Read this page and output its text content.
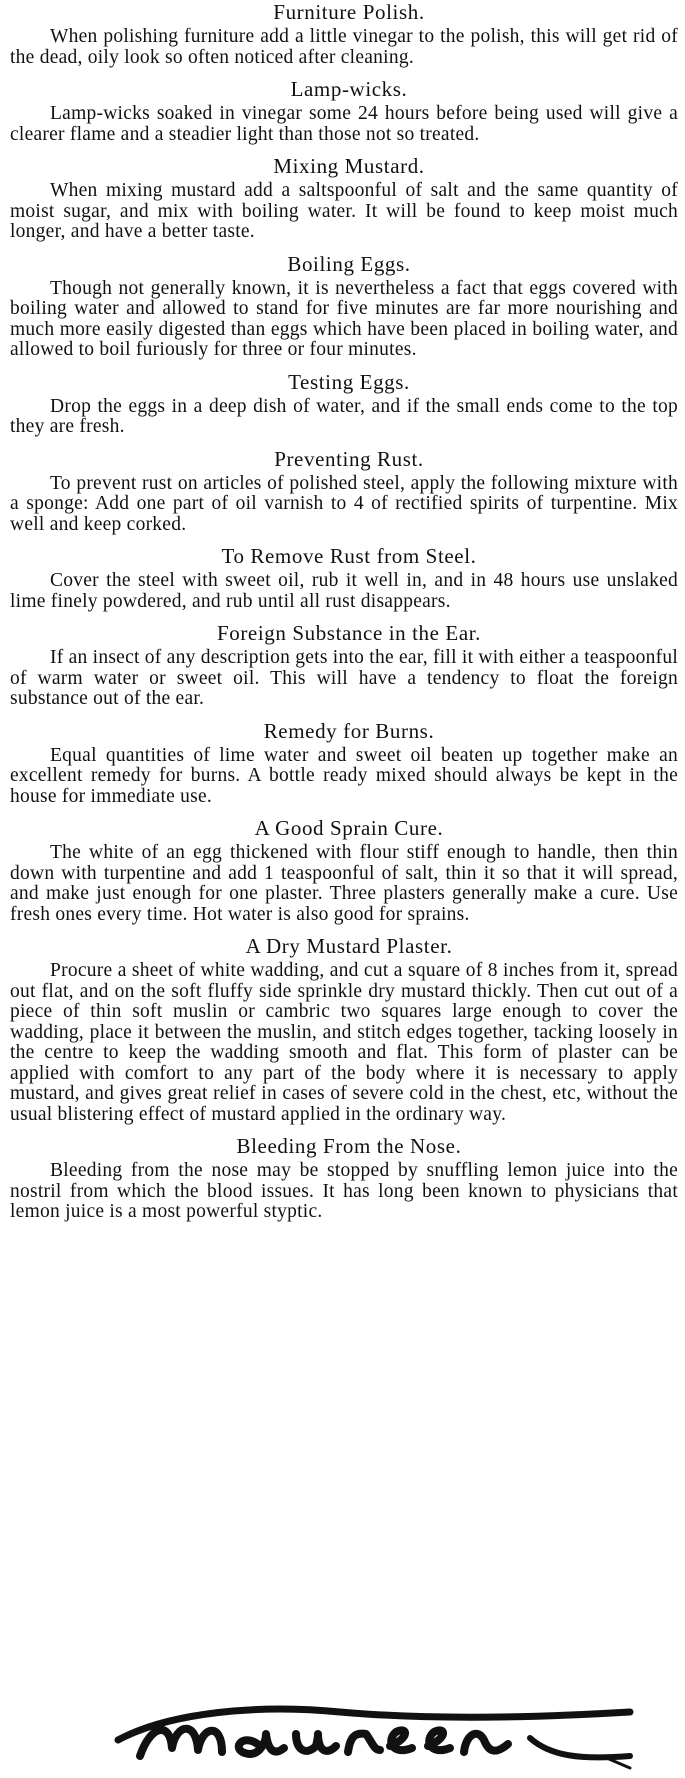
Furniture Polish.
When polishing furniture add a little vinegar to the polish, this will get rid of the dead, oily look so often noticed after cleaning.
Lamp-wicks.
Lamp-wicks soaked in vinegar some 24 hours before being used will give a clearer flame and a steadier light than those not so treated.
Mixing Mustard.
When mixing mustard add a saltspoonful of salt and the same quantity of moist sugar, and mix with boiling water. It will be found to keep moist much longer, and have a better taste.
Boiling Eggs.
Though not generally known, it is nevertheless a fact that eggs covered with boiling water and allowed to stand for five minutes are far more nourishing and much more easily digested than eggs which have been placed in boiling water, and allowed to boil furiously for three or four minutes.
Testing Eggs.
Drop the eggs in a deep dish of water, and if the small ends come to the top they are fresh.
Preventing Rust.
To prevent rust on articles of polished steel, apply the following mixture with a sponge: Add one part of oil varnish to 4 of rectified spirits of turpentine. Mix well and keep corked.
To Remove Rust from Steel.
Cover the steel with sweet oil, rub it well in, and in 48 hours use unslaked lime finely powdered, and rub until all rust disappears.
Foreign Substance in the Ear.
If an insect of any description gets into the ear, fill it with either a teaspoonful of warm water or sweet oil. This will have a tendency to float the foreign substance out of the ear.
Remedy for Burns.
Equal quantities of lime water and sweet oil beaten up together make an excellent remedy for burns. A bottle ready mixed should always be kept in the house for immediate use.
A Good Sprain Cure.
The white of an egg thickened with flour stiff enough to handle, then thin down with turpentine and add 1 teaspoonful of salt, thin it so that it will spread, and make just enough for one plaster. Three plasters generally make a cure. Use fresh ones every time. Hot water is also good for sprains.
A Dry Mustard Plaster.
Procure a sheet of white wadding, and cut a square of 8 inches from it, spread out flat, and on the soft fluffy side sprinkle dry mustard thickly. Then cut out of a piece of thin soft muslin or cambric two squares large enough to cover the wadding, place it between the muslin, and stitch edges together, tacking loosely in the centre to keep the wadding smooth and flat. This form of plaster can be applied with comfort to any part of the body where it is necessary to apply mustard, and gives great relief in cases of severe cold in the chest, etc, without the usual blistering effect of mustard applied in the ordinary way.
Bleeding From the Nose.
Bleeding from the nose may be stopped by snuffling lemon juice into the nostril from which the blood issues. It has long been known to physicians that lemon juice is a most powerful styptic.
